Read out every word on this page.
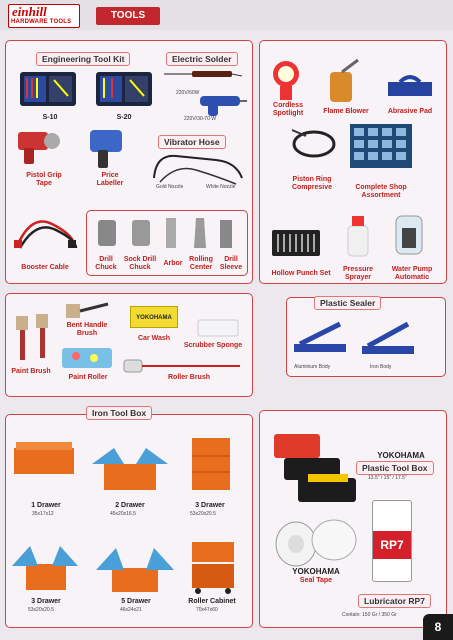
einhill
HARDWARE TOOLS
TOOLS
Engineering Tool Kit
S-10	S-20
Electric Solder
220V/60W
220V/30-70 W
Pistol Grip Tape
Price Labeller
Vibrator Hose
Gold Nozzle	White Nozzle
Booster Cable
Drill Chuck
Sock Drill Chuck
Arbor
Rolling Center
Drill Sleeve
Cordless Spotlight	Flame Blower	Abrasive Pad
Piston Ring Compresive	Complete Shop Assortment
Hollow Punch Set
Pressure Sprayer
Water Pump Automatic
Paint Brush
Bent Handle Brush
YOKOHAMA
Car Wash
Scrubber Sponge
Paint Roller	Roller Brush
Plastic Sealer
Aluminium Body	Iron Body
Iron Tool Box
1 Drawer
35x17x12
2 Drawer
45x20x16.5
3 Drawer
53x20x20.5
3 Drawer
53x20x20.5
5 Drawer
46x24x21
Roller Cabinet
70x47x60
YOKOHAMA
Plastic Tool Box
13.5" / 15" / 17.5"
YOKOHAMA
Seal Tape
RP7
Lubricator RP7
Contain: 150 Gr / 350 Gr
8
